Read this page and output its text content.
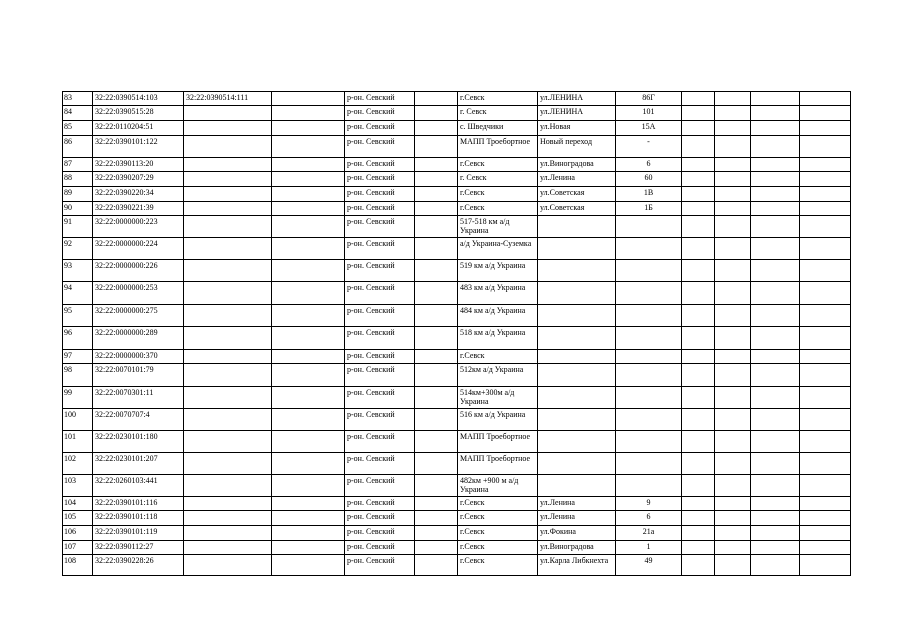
83	32:22:0390514:103	32:22:0390514:111		р-он. Севский		г.Севск	ул.ЛЕНИНА	86Г				
84	32:22:0390515:28			р-он. Севский		г. Севск	ул.ЛЕНИНА	101				
85	32:22:0110204:51			р-он. Севский		с. Шведчики	ул.Новая	15А				
86	32:22:0390101:122			р-он. Севский		МАПП Троебортное	Новый переход	-				
87	32:22:0390113:20			р-он. Севский		г.Севск	ул.Виноградова	6				
88	32:22:0390207:29			р-он. Севский		г. Севск	ул.Ленина	60				
89	32:22:0390220:34			р-он. Севский		г.Севск	ул.Советская	1В				
90	32:22:0390221:39			р-он. Севский		г.Севск	ул.Советская	1Б				
91	32:22:0000000:223			р-он. Севский		517-518 км а/д Украина						
92	32:22:0000000:224			р-он. Севский		а/д Украина-Суземка						
93	32:22:0000000:226			р-он. Севский		519 км а/д Украина						
94	32:22:0000000:253			р-он. Севский		483 км а/д Украина						
95	32:22:0000000:275			р-он. Севский		484 км а/д Украина						
96	32:22:0000000:289			р-он. Севский		518 км а/д Украина						
97	32:22:0000000:370			р-он. Севский		г.Севск						
98	32:22:0070101:79			р-он. Севский		512км а/д Украина						
99	32:22:0070301:11			р-он. Севский		514км+300м а/д Украина						
100	32:22:0070707:4			р-он. Севский		516 км а/д Украина						
101	32:22:0230101:180			р-он. Севский		МАПП Троебортное						
102	32:22:0230101:207			р-он. Севский		МАПП Троебортное						
103	32:22:0260103:441			р-он. Севский		482км +900 м а/д Украина						
104	32:22:0390101:116			р-он. Севский		г.Севск	ул.Ленина	9				
105	32:22:0390101:118			р-он. Севский		г.Севск	ул.Ленина	6				
106	32:22:0390101:119			р-он. Севский		г.Севск	ул.Фокина	21а				
107	32:22:0390112:27			р-он. Севский		г.Севск	ул.Виноградова	1				
108	32:22:0390228:26			р-он. Севский		г.Севск	ул.Карла Либкнехта	49				
